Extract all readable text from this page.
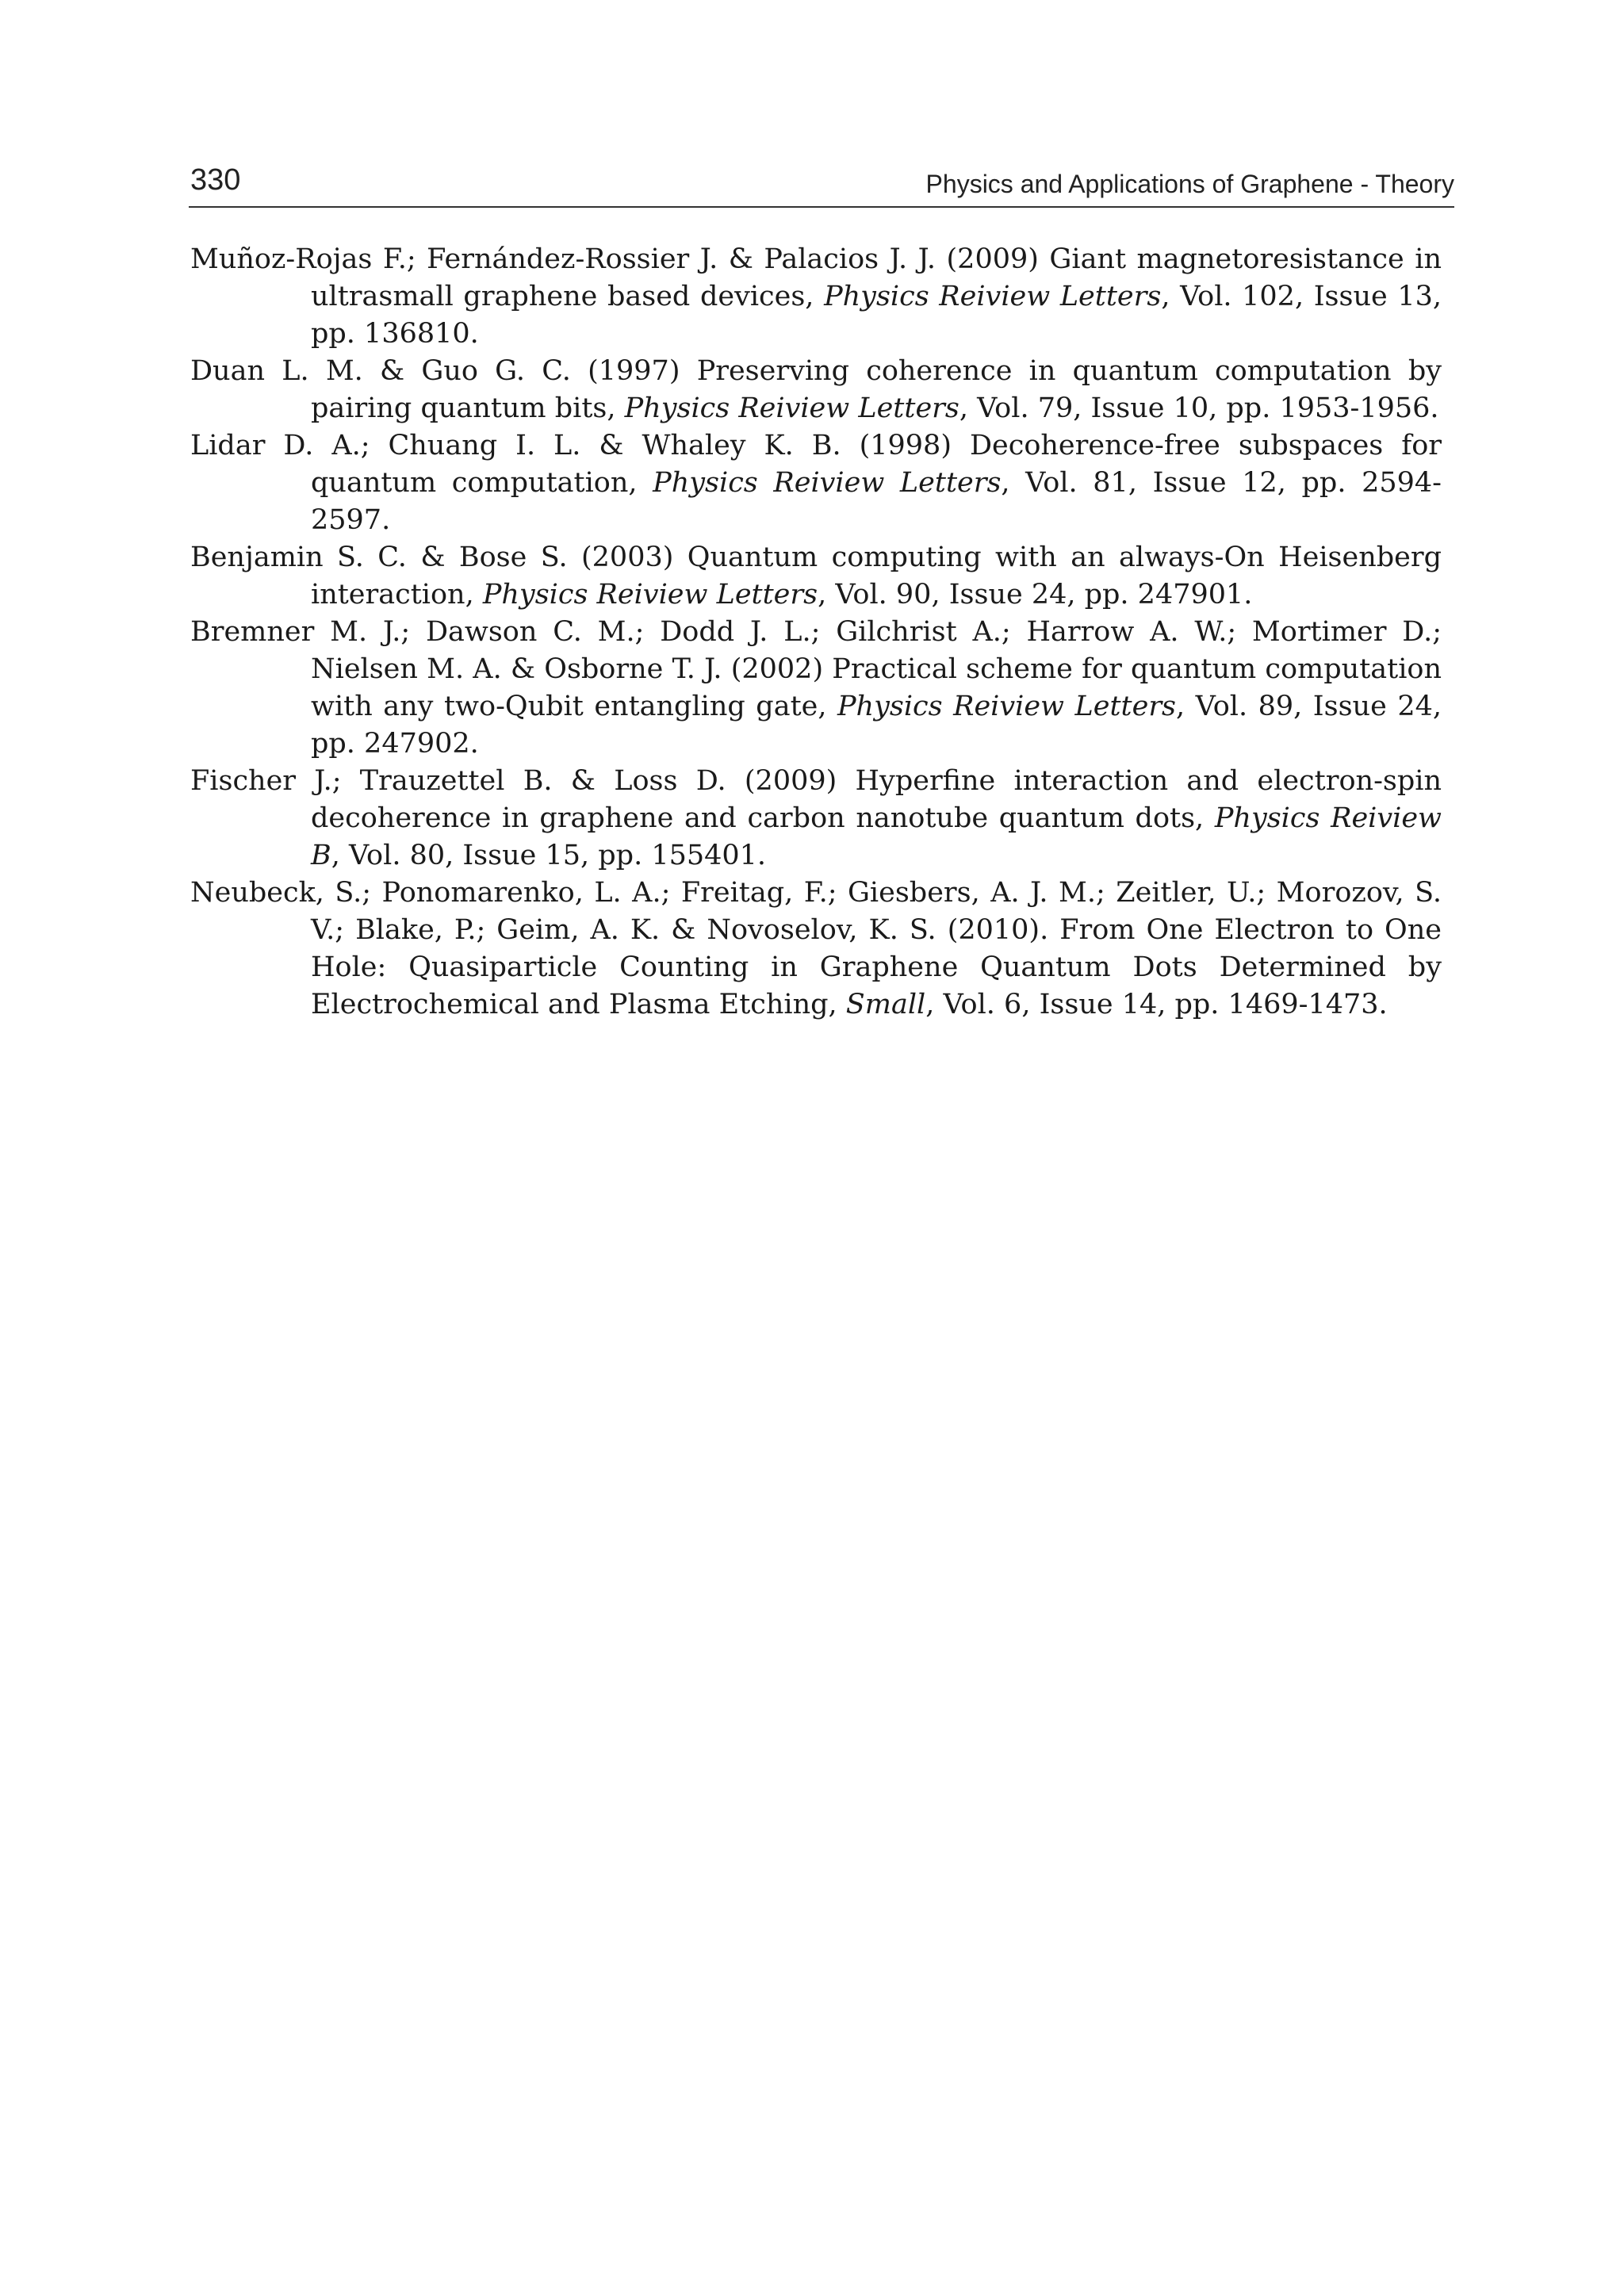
330	Physics and Applications of Graphene - Theory
Muñoz-Rojas F.; Fernández-Rossier J. & Palacios J. J. (2009) Giant magnetoresistance in ultrasmall graphene based devices, Physics Reiview Letters, Vol. 102, Issue 13, pp. 136810.
Duan L. M. & Guo G. C. (1997) Preserving coherence in quantum computation by pairing quantum bits, Physics Reiview Letters, Vol. 79, Issue 10, pp. 1953-1956.
Lidar D. A.; Chuang I. L. & Whaley K. B. (1998) Decoherence-free subspaces for quantum computation, Physics Reiview Letters, Vol. 81, Issue 12, pp. 2594-2597.
Benjamin S. C. & Bose S. (2003) Quantum computing with an always-On Heisenberg interaction, Physics Reiview Letters, Vol. 90, Issue 24, pp. 247901.
Bremner M. J.; Dawson C. M.; Dodd J. L.; Gilchrist A.; Harrow A. W.; Mortimer D.; Nielsen M. A. & Osborne T. J. (2002) Practical scheme for quantum computation with any two-Qubit entangling gate, Physics Reiview Letters, Vol. 89, Issue 24, pp. 247902.
Fischer J.; Trauzettel B. & Loss D. (2009) Hyperfine interaction and electron-spin decoherence in graphene and carbon nanotube quantum dots, Physics Reiview B, Vol. 80, Issue 15, pp. 155401.
Neubeck, S.; Ponomarenko, L. A.; Freitag, F.; Giesbers, A. J. M.; Zeitler, U.; Morozov, S. V.; Blake, P.; Geim, A. K. & Novoselov, K. S. (2010). From One Electron to One Hole: Quasiparticle Counting in Graphene Quantum Dots Determined by Electrochemical and Plasma Etching, Small, Vol. 6, Issue 14, pp. 1469-1473.
